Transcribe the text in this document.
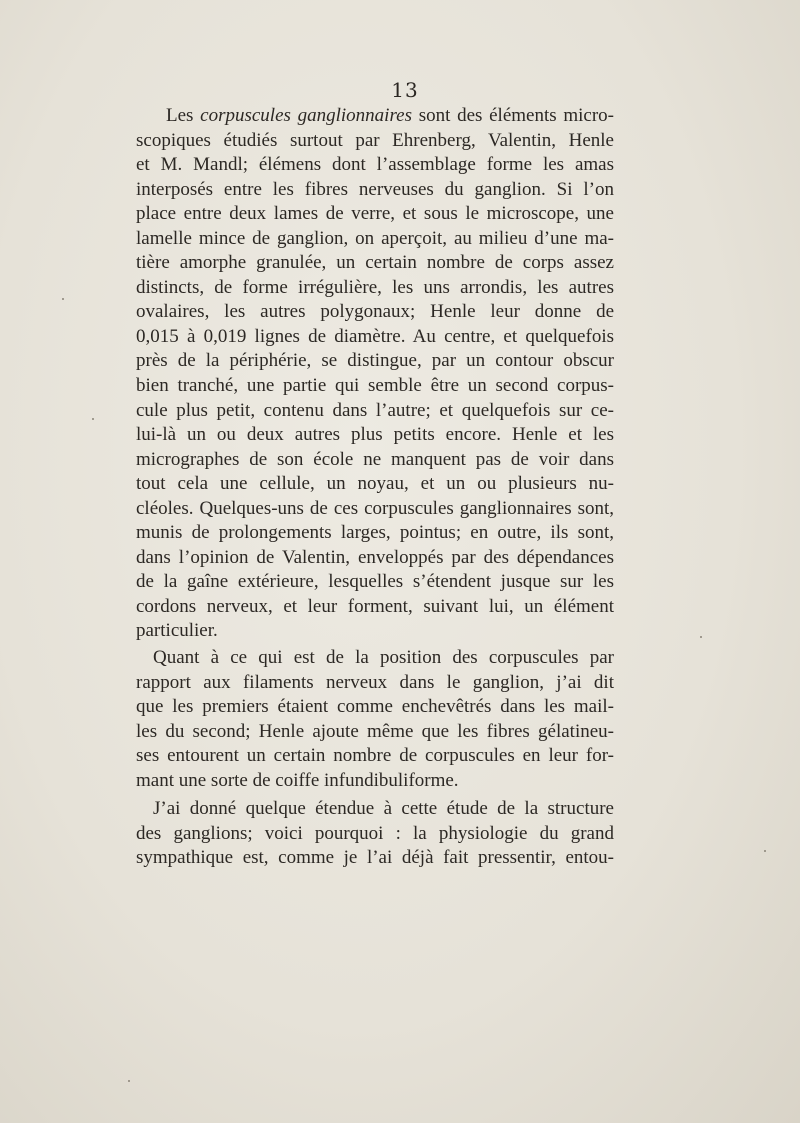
13
Les corpuscules ganglionnaires sont des éléments micro-
scopiques étudiés surtout par Ehrenberg, Valentin, Henle
et M. Mandl; élémens dont l’assemblage forme les amas
interposés entre les fibres nerveuses du ganglion. Si l’on
place entre deux lames de verre, et sous le microscope, une
lamelle mince de ganglion, on aperçoit, au milieu d’une ma-
tière amorphe granulée, un certain nombre de corps assez
distincts, de forme irrégulière, les uns arrondis, les autres
ovalaires, les autres polygonaux; Henle leur donne de
0,015 à 0,019 lignes de diamètre. Au centre, et quelquefois
près de la périphérie, se distingue, par un contour obscur
bien tranché, une partie qui semble être un second corpus-
cule plus petit, contenu dans l’autre; et quelquefois sur ce-
lui-là un ou deux autres plus petits encore. Henle et les
micrographes de son école ne manquent pas de voir dans
tout cela une cellule, un noyau, et un ou plusieurs nu-
cléoles. Quelques-uns de ces corpuscules ganglionnaires sont,
munis de prolongements larges, pointus; en outre, ils sont,
dans l’opinion de Valentin, enveloppés par des dépendances
de la gaîne extérieure, lesquelles s’étendent jusque sur les
cordons nerveux, et leur forment, suivant lui, un élément
particulier.
Quant à ce qui est de la position des corpuscules par
rapport aux filaments nerveux dans le ganglion, j’ai dit
que les premiers étaient comme enchevêtrés dans les mail-
les du second; Henle ajoute même que les fibres gélatineu-
ses entourent un certain nombre de corpuscules en leur for-
mant une sorte de coiffe infundibuliforme.
J’ai donné quelque étendue à cette étude de la structure
des ganglions; voici pourquoi : la physiologie du grand
sympathique est, comme je l’ai déjà fait pressentir, entou-
